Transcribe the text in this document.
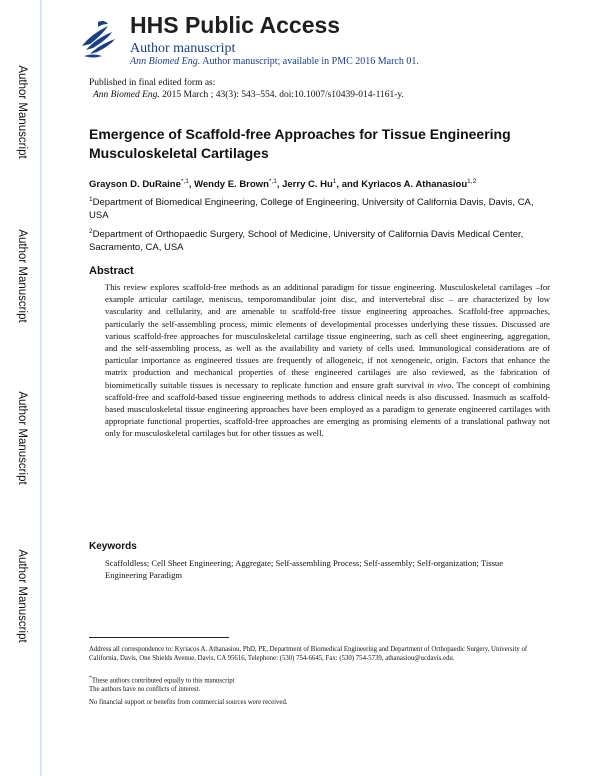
Author Manuscript
Author Manuscript
Author Manuscript
Author Manuscript
HHS Public Access
Author manuscript
Ann Biomed Eng. Author manuscript; available in PMC 2016 March 01.
Published in final edited form as:
Ann Biomed Eng. 2015 March ; 43(3): 543–554. doi:10.1007/s10439-014-1161-y.
Emergence of Scaffold-free Approaches for Tissue Engineering Musculoskeletal Cartilages
Grayson D. DuRaine$^{*,1}$, Wendy E. Brown$^{*,1}$, Jerry C. Hu$^1$, and Kyriacos A. Athanasiou$^{1,2}$
$^1$Department of Biomedical Engineering, College of Engineering, University of California Davis, Davis, CA, USA
$^2$Department of Orthopaedic Surgery, School of Medicine, University of California Davis Medical Center, Sacramento, CA, USA
Abstract
This review explores scaffold-free methods as an additional paradigm for tissue engineering. Musculoskeletal cartilages –for example articular cartilage, meniscus, temporomandibular joint disc, and intervertebral disc – are characterized by low vascularity and cellularity, and are amenable to scaffold-free tissue engineering approaches. Scaffold-free approaches, particularly the self-assembling process, mimic elements of developmental processes underlying these tissues. Discussed are various scaffold-free approaches for musculoskeletal cartilage tissue engineering, such as cell sheet engineering, aggregation, and the self-assembling process, as well as the availability and variety of cells used. Immunological considerations are of particular importance as engineered tissues are frequently of allogeneic, if not xenogeneic, origin. Factors that enhance the matrix production and mechanical properties of these engineered cartilages are also reviewed, as the fabrication of biomimetically suitable tissues is necessary to replicate function and ensure graft survival in vivo. The concept of combining scaffold-free and scaffold-based tissue engineering methods to address clinical needs is also discussed. Inasmuch as scaffold-based musculoskeletal tissue engineering approaches have been employed as a paradigm to generate engineered cartilages with appropriate functional properties, scaffold-free approaches are emerging as promising elements of a translational pathway not only for musculoskeletal cartilages but for other tissues as well.
Keywords
Scaffoldless; Cell Sheet Engineering; Aggregate; Self-assembling Process; Self-assembly; Self-organization; Tissue Engineering Paradigm
Address all correspondence to: Kyriacos A. Athanasiou, PhD, PE, Department of Biomedical Engineering and Department of Orthopaedic Surgery, University of California, Davis, One Shields Avenue, Davis, CA 95616, Telephone: (530) 754-6645, Fax: (530) 754-5739, athanasiou@ucdavis.edu.
*These authors contributed equally to this manuscript
The authors have no conflicts of interest.
No financial support or benefits from commercial sources were received.
